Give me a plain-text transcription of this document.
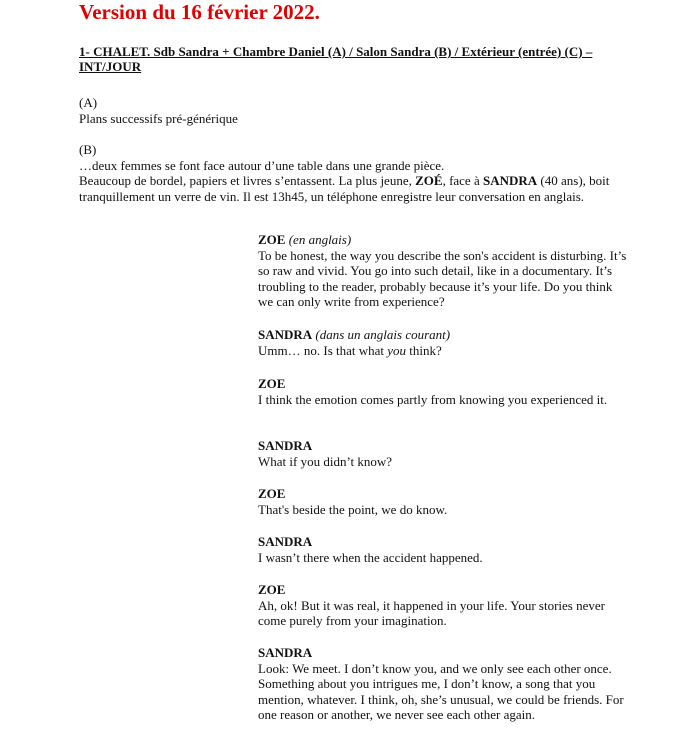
Version du 16 février 2022.
1- CHALET. Sdb Sandra + Chambre Daniel (A) / Salon Sandra (B) / Extérieur (entrée) (C) – INT/JOUR
(A)
Plans successifs pré-générique
(B)
…deux femmes se font face autour d’une table dans une grande pièce.
Beaucoup de bordel, papiers et livres s’entassent. La plus jeune, ZOÉ, face à SANDRA (40 ans), boit tranquillement un verre de vin. Il est 13h45, un téléphone enregistre leur conversation en anglais.
ZOE (en anglais)
To be honest, the way you describe the son's accident is disturbing. It’s so raw and vivid. You go into such detail, like in a documentary. It’s troubling to the reader, probably because it’s your life. Do you think we can only write from experience?
SANDRA (dans un anglais courant)
Umm… no. Is that what you think?
ZOE
I think the emotion comes partly from knowing you experienced it.
SANDRA
What if you didn’t know?
ZOE
That's beside the point, we do know.
SANDRA
I wasn’t there when the accident happened.
ZOE
Ah, ok! But it was real, it happened in your life. Your stories never come purely from your imagination.
SANDRA
Look: We meet. I don’t know you, and we only see each other once. Something about you intrigues me, I don’t know, a song that you mention, whatever. I think, oh, she’s unusual, we could be friends. For one reason or another, we never see each other again.
